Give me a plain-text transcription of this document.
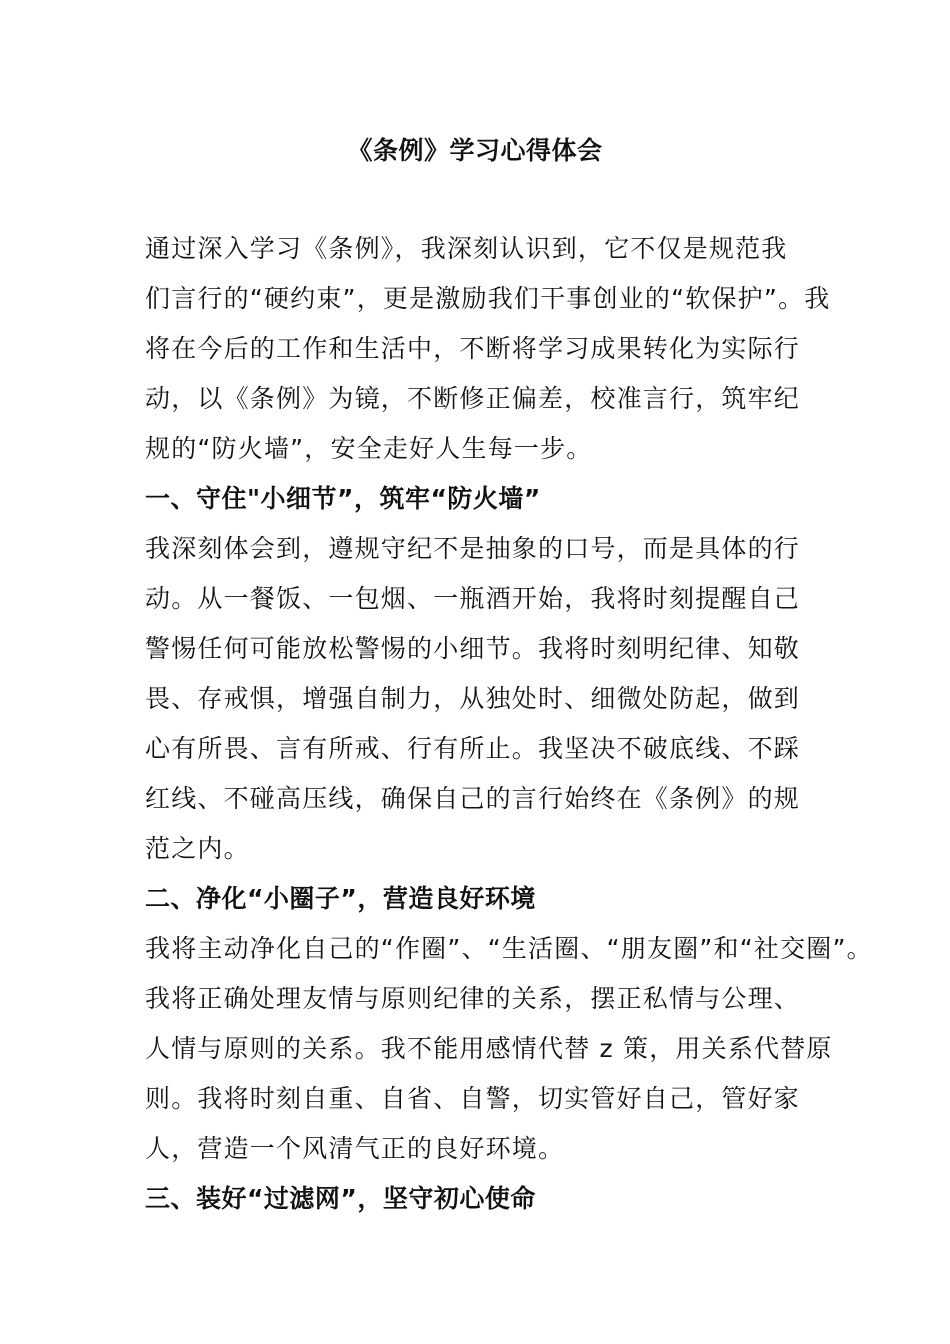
《条例》学习心得体会
通过深入学习《条例》，我深刻认识到，它不仅是规范我
们言行的“硬约束”，更是激励我们干事创业的“软保护”。我
将在今后的工作和生活中，不断将学习成果转化为实际行
动，以《条例》为镜，不断修正偏差，校准言行，筑牢纪
规的“防火墙”，安全走好人生每一步。
一、守住"小细节”，筑牢“防火墙”
我深刻体会到，遵规守纪不是抽象的口号，而是具体的行
动。从一餐饭、一包烟、一瓶酒开始，我将时刻提醒自己
警惕任何可能放松警惕的小细节。我将时刻明纪律、知敬
畏、存戒惧，增强自制力，从独处时、细微处防起，做到
心有所畏、言有所戒、行有所止。我坚决不破底线、不踩
红线、不碰高压线，确保自己的言行始终在《条例》的规
范之内。
二、净化“小圈子”，营造良好环境
我将主动净化自己的“作圈”、“生活圈、“朋友圈”和“社交圈”。
我将正确处理友情与原则纪律的关系，摆正私情与公理、
人情与原则的关系。我不能用感情代替 z 策，用关系代替原
则。我将时刻自重、自省、自警，切实管好自己，管好家
人，营造一个风清气正的良好环境。
三、装好“过滤网”，坚守初心使命
